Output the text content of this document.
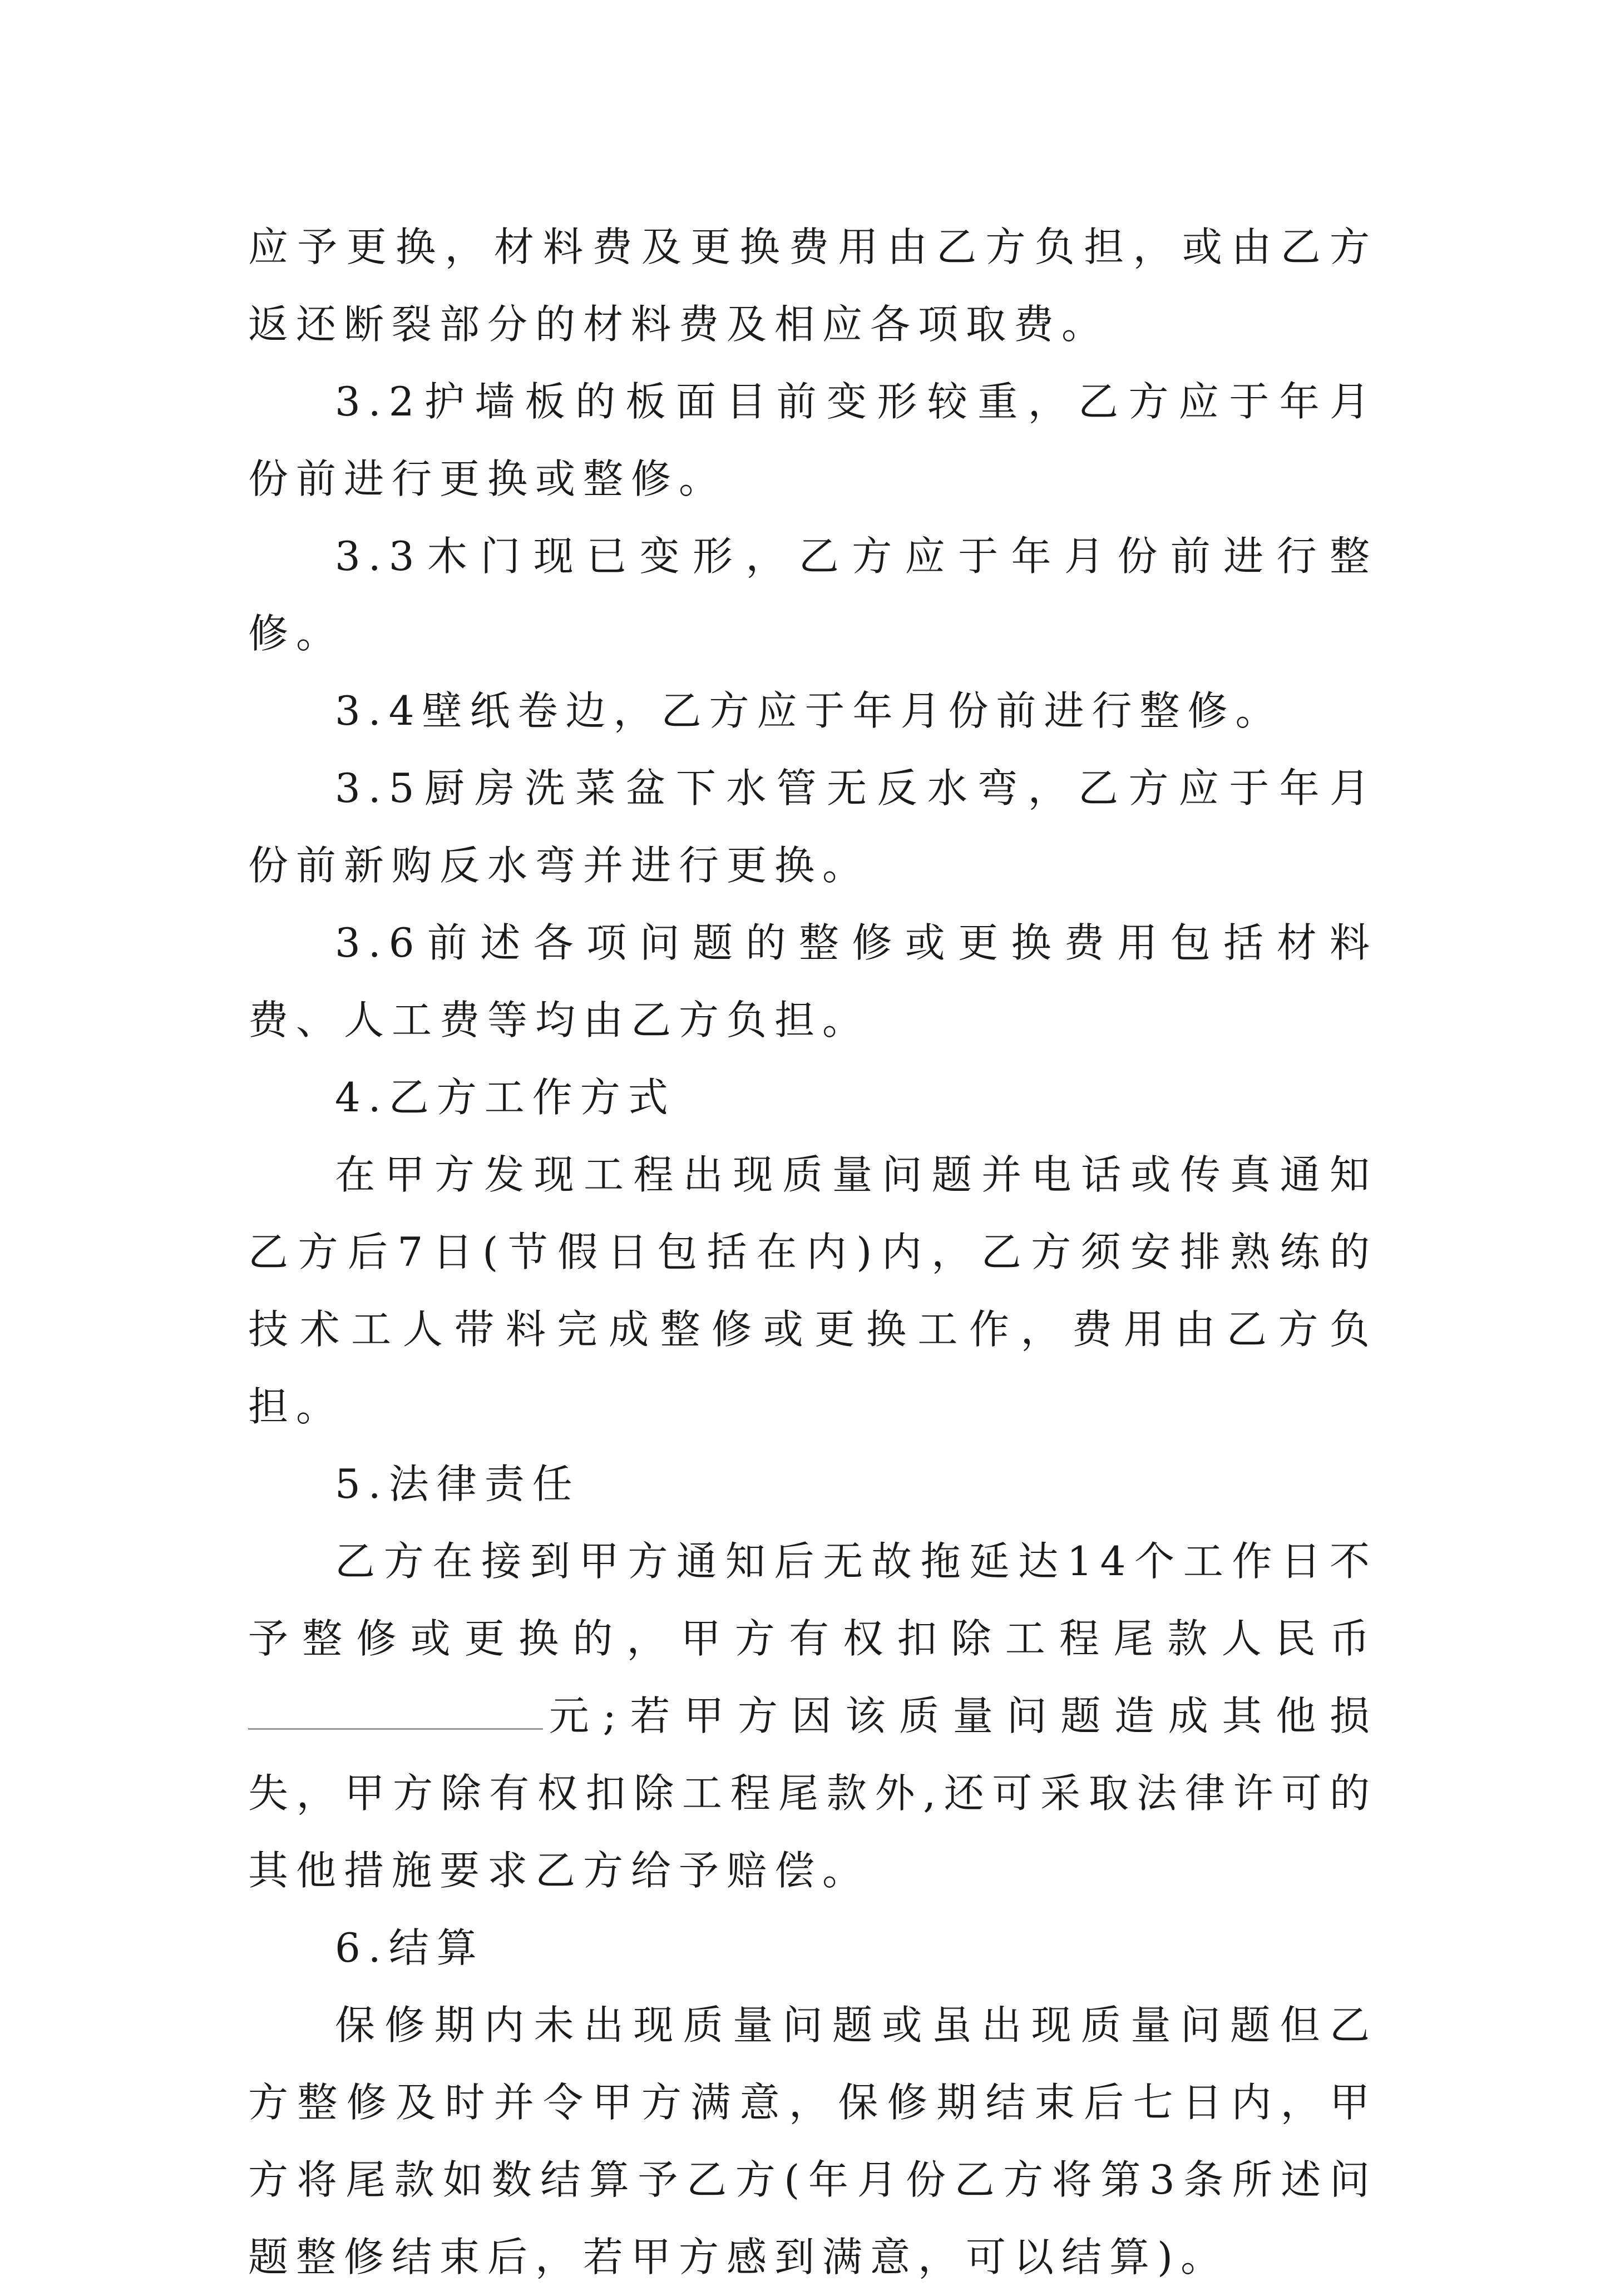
应予更换，材料费及更换费用由乙方负担，或由乙方返还断裂部分的材料费及相应各项取费。

3.2护墙板的板面目前变形较重，乙方应于年月份前进行更换或整修。

3.3木门现已变形，乙方应于年月份前进行整修。

3.4壁纸卷边，乙方应于年月份前进行整修。

3.5厨房洗菜盆下水管无反水弯，乙方应于年月份前新购反水弯并进行更换。

3.6前述各项问题的整修或更换费用包括材料费、人工费等均由乙方负担。

4.乙方工作方式

在甲方发现工程出现质量问题并电话或传真通知乙方后7日(节假日包括在内)内，乙方须安排熟练的技术工人带料完成整修或更换工作，费用由乙方负担。

5.法律责任

乙方在接到甲方通知后无故拖延达14个工作日不予整修或更换的，甲方有权扣除工程尾款人民币元;若甲方因该质量问题造成其他损失，甲方除有权扣除工程尾款外,还可采取法律许可的其他措施要求乙方给予赔偿。

6.结算

保修期内未出现质量问题或虽出现质量问题但乙方整修及时并令甲方满意，保修期结束后七日内，甲方将尾款如数结算予乙方(年月份乙方将第3条所述问题整修结束后，若甲方感到满意，可以结算)。
